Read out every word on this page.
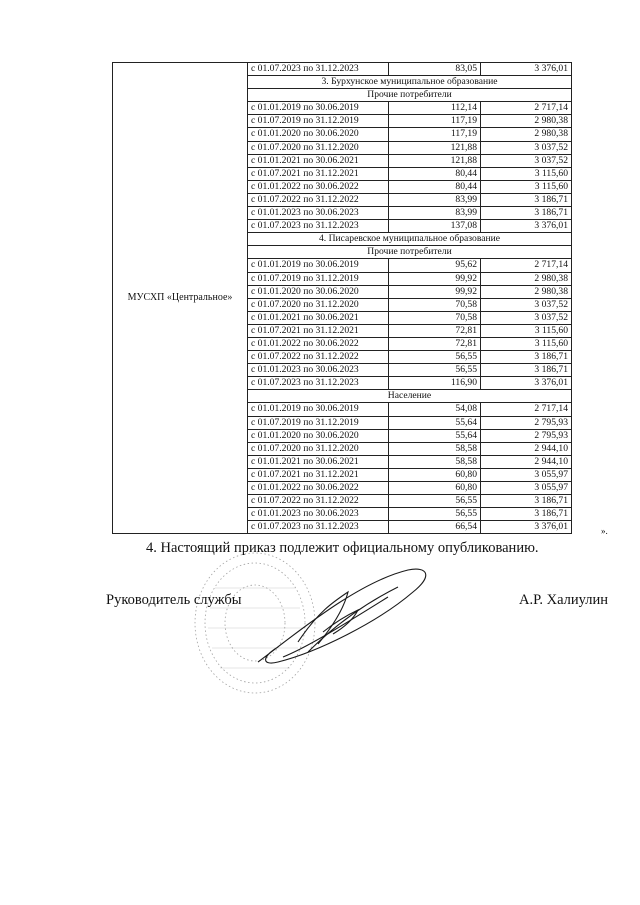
МУСХП «Центральное»	с 01.07.2023 по 31.12.2023	83,05	3 376,01
	3. Бурхунское муниципальное образование		
	Прочие потребители		
	с 01.01.2019 по 30.06.2019	112,14	2 717,14
	с 01.07.2019 по 31.12.2019	117,19	2 980,38
	с 01.01.2020 по 30.06.2020	117,19	2 980,38
	с 01.07.2020 по 31.12.2020	121,88	3 037,52
	с 01.01.2021 по 30.06.2021	121,88	3 037,52
	с 01.07.2021 по 31.12.2021	80,44	3 115,60
	с 01.01.2022 по 30.06.2022	80,44	3 115,60
	с 01.07.2022 по 31.12.2022	83,99	3 186,71
	с 01.01.2023 по 30.06.2023	83,99	3 186,71
	с 01.07.2023 по 31.12.2023	137,08	3 376,01
	4. Писаревское муниципальное образование		
	Прочие потребители		
	с 01.01.2019 по 30.06.2019	95,62	2 717,14
	с 01.07.2019 по 31.12.2019	99,92	2 980,38
	с 01.01.2020 по 30.06.2020	99,92	2 980,38
	с 01.07.2020 по 31.12.2020	70,58	3 037,52
	с 01.01.2021 по 30.06.2021	70,58	3 037,52
	с 01.07.2021 по 31.12.2021	72,81	3 115,60
	с 01.01.2022 по 30.06.2022	72,81	3 115,60
	с 01.07.2022 по 31.12.2022	56,55	3 186,71
	с 01.01.2023 по 30.06.2023	56,55	3 186,71
	с 01.07.2023 по 31.12.2023	116,90	3 376,01
	Население		
	с 01.01.2019 по 30.06.2019	54,08	2 717,14
	с 01.07.2019 по 31.12.2019	55,64	2 795,93
	с 01.01.2020 по 30.06.2020	55,64	2 795,93
	с 01.07.2020 по 31.12.2020	58,58	2 944,10
	с 01.01.2021 по 30.06.2021	58,58	2 944,10
	с 01.07.2021 по 31.12.2021	60,80	3 055,97
	с 01.01.2022 по 30.06.2022	60,80	3 055,97
	с 01.07.2022 по 31.12.2022	56,55	3 186,71
	с 01.01.2023 по 30.06.2023	56,55	3 186,71
	с 01.07.2023 по 31.12.2023	66,54	3 376,01	».
4. Настоящий приказ подлежит официальному опубликованию.
Руководитель службы	А.Р. Халиулин
